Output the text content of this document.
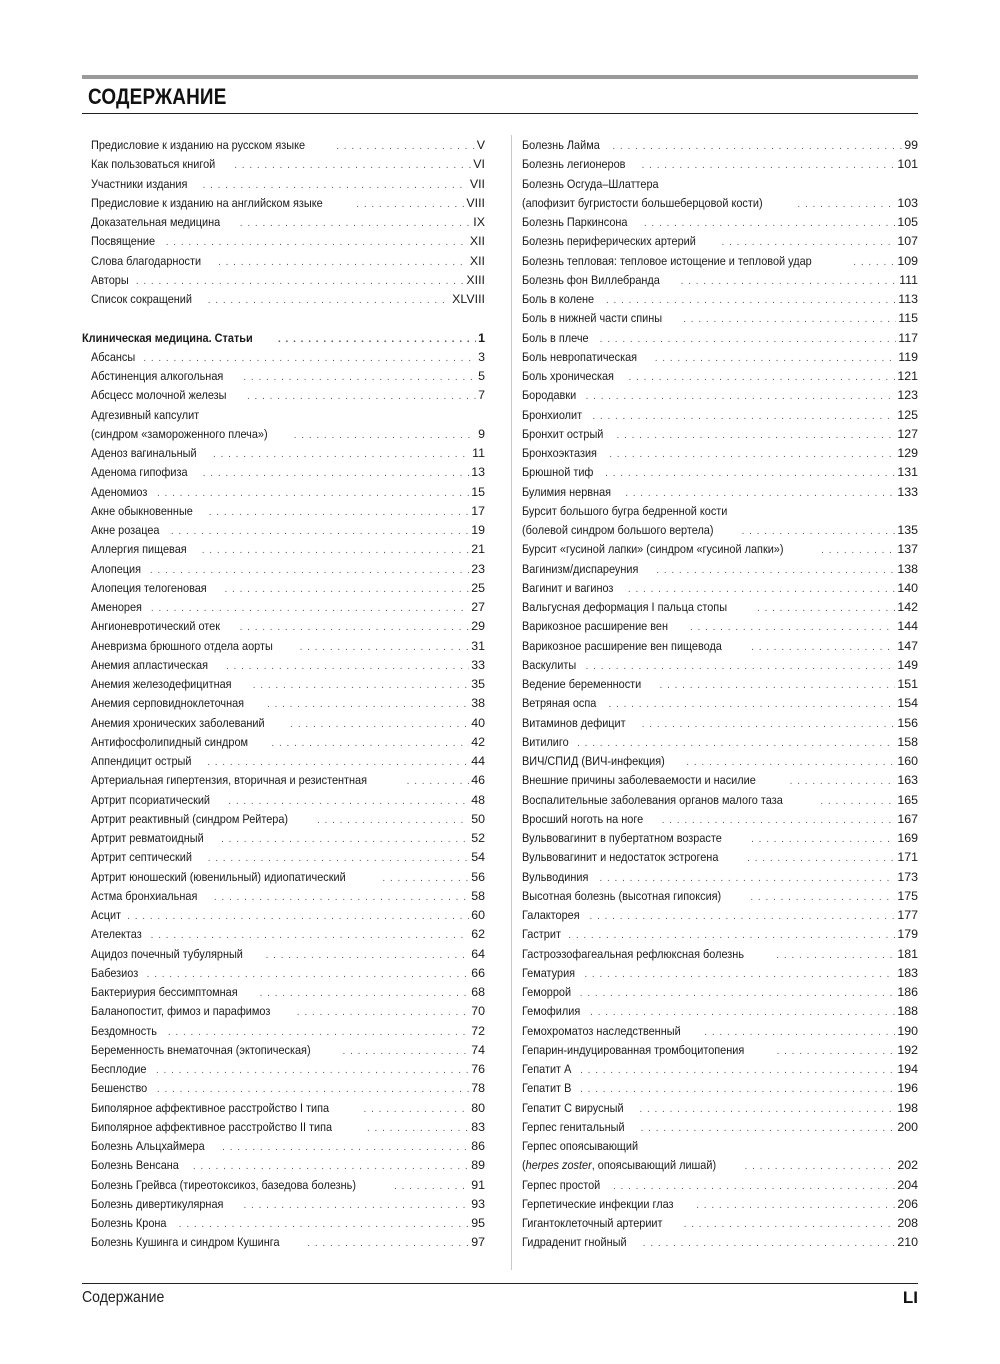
СОДЕРЖАНИЕ
Предисловие к изданию на русском языке . . .	V
Как пользоваться книгой . . .	VI
Участники издания . . .	VII
Предисловие к изданию на английском языке . . .	VIII
Доказательная медицина . . .	IX
Посвящение . . .	XII
Слова благодарности . . .	XII
Авторы . . .	XIII
Список сокращений . . .	XLVIII
Клиническая медицина. Статьи . . .	1
Абсансы . . .	3
Абстиненция алкогольная . . .	5
Абсцесс молочной железы . . .	7
Адгезивный капсулит
(синдром «замороженного плеча») . . .	9
Аденоз вагинальный . . .	11
Аденома гипофиза . . .	13
Аденомиоз . . .	15
Акне обыкновенные . . .	17
Акне розацеа . . .	19
Аллергия пищевая . . .	21
Алопеция . . .	23
Алопеция телогеновая . . .	25
Аменорея . . .	27
Ангионевротический отек . . .	29
Аневризма брюшного отдела аорты . . .	31
Анемия апластическая . . .	33
Анемия железодефицитная . . .	35
Анемия серповидноклеточная . . .	38
Анемия хронических заболеваний . . .	40
Антифосфолипидный синдром . . .	42
Аппендицит острый . . .	44
Артериальная гипертензия, вторичная и резистентная . . .	46
Артрит псориатический . . .	48
Артрит реактивный (синдром Рейтера) . . .	50
Артрит ревматоидный . . .	52
Артрит септический . . .	54
Артрит юношеский (ювенильный) идиопатический . . .	56
Астма бронхиальная . . .	58
Асцит . . .	60
Ателектаз . . .	62
Ацидоз почечный тубулярный . . .	64
Бабезиоз . . .	66
Бактериурия бессимптомная . . .	68
Баланопостит, фимоз и парафимоз . . .	70
Бездомность . . .	72
Беременность внематочная (эктопическая) . . .	74
Бесплодие . . .	76
Бешенство . . .	78
Биполярное аффективное расстройство I типа . . .	80
Биполярное аффективное расстройство II типа . . .	83
Болезнь Альцхаймера . . .	86
Болезнь Венсана . . .	89
Болезнь Грейвса (тиреотоксикоз, базедова болезнь) . . .	91
Болезнь дивертикулярная . . .	93
Болезнь Крона . . .	95
Болезнь Кушинга и синдром Кушинга . . .	97
Болезнь Лайма . . .	99
Болезнь легионеров . . .	101
Болезнь Осгуда–Шлаттера
(апофизит бугристости большеберцовой кости) . . .	103
Болезнь Паркинсона . . .	105
Болезнь периферических артерий . . .	107
Болезнь тепловая: тепловое истощение и тепловой удар . . .	109
Болезнь фон Виллебранда . . .	111
Боль в колене . . .	113
Боль в нижней части спины . . .	115
Боль в плече . . .	117
Боль невропатическая . . .	119
Боль хроническая . . .	121
Бородавки . . .	123
Бронхиолит . . .	125
Бронхит острый . . .	127
Бронхоэктазия . . .	129
Брюшной тиф . . .	131
Булимия нервная . . .	133
Бурсит большого бугра бедренной кости
(болевой синдром большого вертела) . . .	135
Бурсит «гусиной лапки» (синдром «гусиной лапки») . . .	137
Вагинизм/диспареуния . . .	138
Вагинит и вагиноз . . .	140
Вальгусная деформация I пальца стопы . . .	142
Варикозное расширение вен . . .	144
Варикозное расширение вен пищевода . . .	147
Васкулиты . . .	149
Ведение беременности . . .	151
Ветряная оспа . . .	154
Витаминов дефицит . . .	156
Витилиго . . .	158
ВИЧ/СПИД (ВИЧ-инфекция) . . .	160
Внешние причины заболеваемости и насилие . . .	163
Воспалительные заболевания органов малого таза . . .	165
Вросший ноготь на ноге . . .	167
Вульвовагинит в пубертатном возрасте . . .	169
Вульвовагинит и недостаток эстрогена . . .	171
Вульводиния . . .	173
Высотная болезнь (высотная гипоксия) . . .	175
Галакторея . . .	177
Гастрит . . .	179
Гастроэзофагеальная рефлюксная болезнь . . .	181
Гематурия . . .	183
Геморрой . . .	186
Гемофилия . . .	188
Гемохроматоз наследственный . . .	190
Гепарин-индуцированная тромбоцитопения . . .	192
Гепатит A . . .	194
Гепатит B . . .	196
Гепатит C вирусный . . .	198
Герпес генитальный . . .	200
Герпес опоясывающий
(herpes zoster, опоясывающий лишай) . . .	202
Герпес простой . . .	204
Герпетические инфекции глаз . . .	206
Гигантоклеточный артериит . . .	208
Гидраденит гнойный . . .	210
Содержание	LI
